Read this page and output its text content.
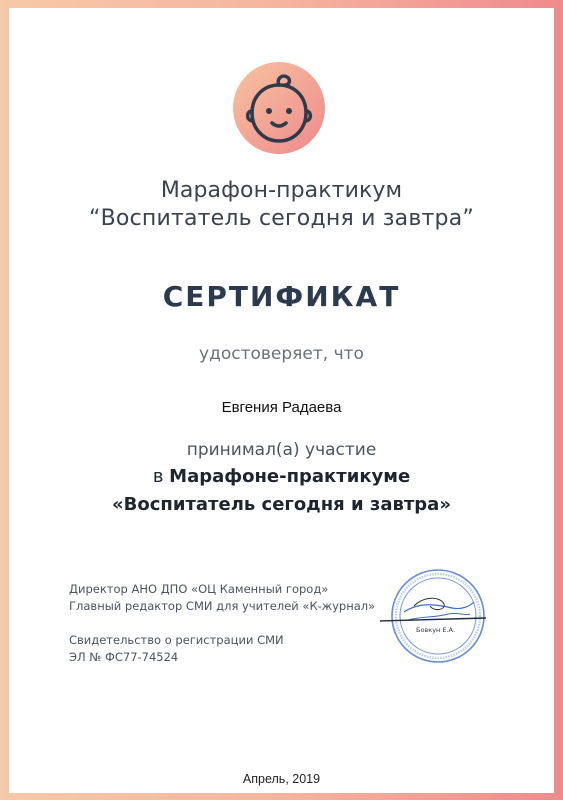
Марафон-практикум
“Воспитатель сегодня и завтра”
СЕРТИФИКАТ
удостоверяет, что
Евгения Радаева
принимал(а) участие
в Марафоне-практикуме
«Воспитатель сегодня и завтра»
Директор АНО ДПО «ОЦ Каменный город»
Главный редактор СМИ для учителей «К-журнал»
Свидетельство о регистрации СМИ
ЭЛ № ФС77-74524
Бовкун Е.А.
Апрель, 2019
